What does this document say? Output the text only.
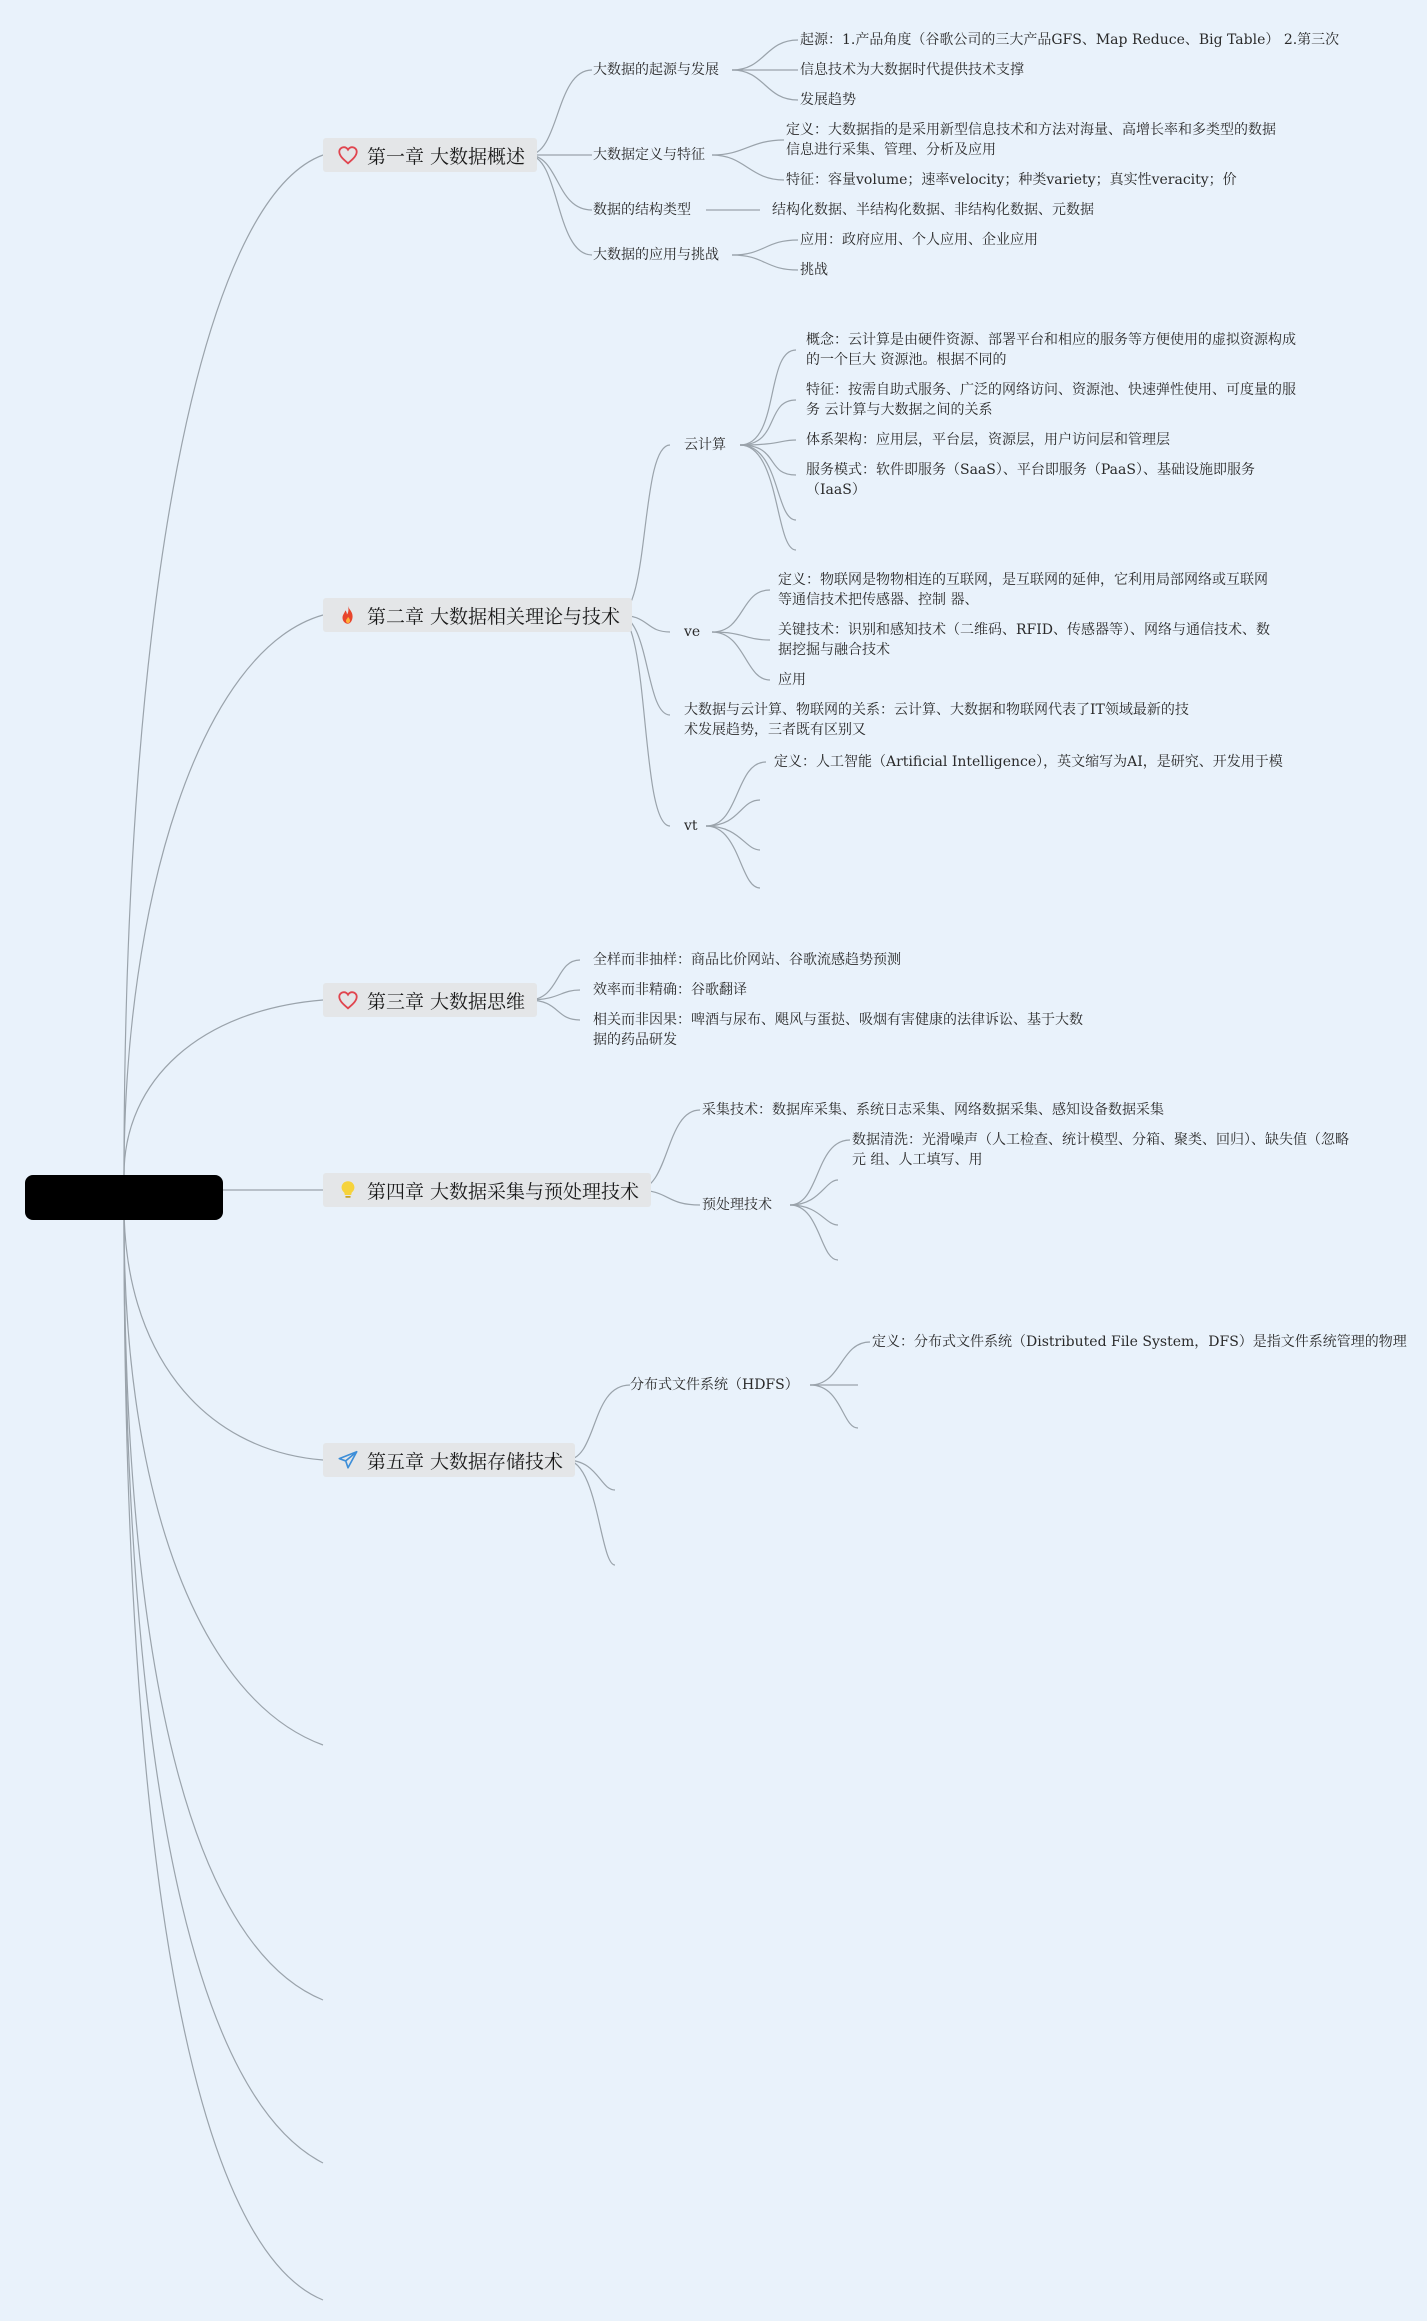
第一章 大数据概述
大数据的起源与发展
起源：1.产品角度（谷歌公司的三大产品GFS、Map Reduce、Big Table） 2.第三次
信息技术为大数据时代提供技术支撑
发展趋势
大数据定义与特征
定义：大数据指的是采用新型信息技术和方法对海量、高增长率和多类型的数据信息进行采集、管理、分析及应用
特征：容量volume；速率velocity；种类variety；真实性veracity；价
数据的结构类型	结构化数据、半结构化数据、非结构化数据、元数据
大数据的应用与挑战
应用：政府应用、个人应用、企业应用
挑战
第二章 大数据相关理论与技术
云计算
概念：云计算是由硬件资源、部署平台和相应的服务等方便使用的虚拟资源构成的一个巨大 资源池。根据不同的
特征：按需自助式服务、广泛的网络访问、资源池、快速弹性使用、可度量的服务 云计算与大数据之间的关系
体系架构：应用层，平台层，资源层，用户访问层和管理层
服务模式：软件即服务（SaaS）、平台即服务（PaaS）、基础设施即服务（IaaS）
ve
定义：物联网是物物相连的互联网，是互联网的延伸，它利用局部网络或互联网等通信技术把传感器、控制 器、
关键技术：识别和感知技术（二维码、RFID、传感器等）、网络与通信技术、数据挖掘与融合技术
应用
大数据与云计算、物联网的关系：云计算、大数据和物联网代表了IT领域最新的技术发展趋势，三者既有区别又
vt
定义：人工智能（Artificial Intelligence），英文缩写为AI，是研究、开发用于模
第三章 大数据思维
全样而非抽样：商品比价网站、谷歌流感趋势预测
效率而非精确：谷歌翻译
相关而非因果：啤酒与尿布、飓风与蛋挞、吸烟有害健康的法律诉讼、基于大数据的药品研发
第四章 大数据采集与预处理技术
采集技术：数据库采集、系统日志采集、网络数据采集、感知设备数据采集
预处理技术
数据清洗：光滑噪声（人工检查、统计模型、分箱、聚类、回归）、缺失值（忽略元 组、人工填写、用
第五章 大数据存储技术
分布式文件系统（HDFS）
定义：分布式文件系统（Distributed File System，DFS）是指文件系统管理的物理
